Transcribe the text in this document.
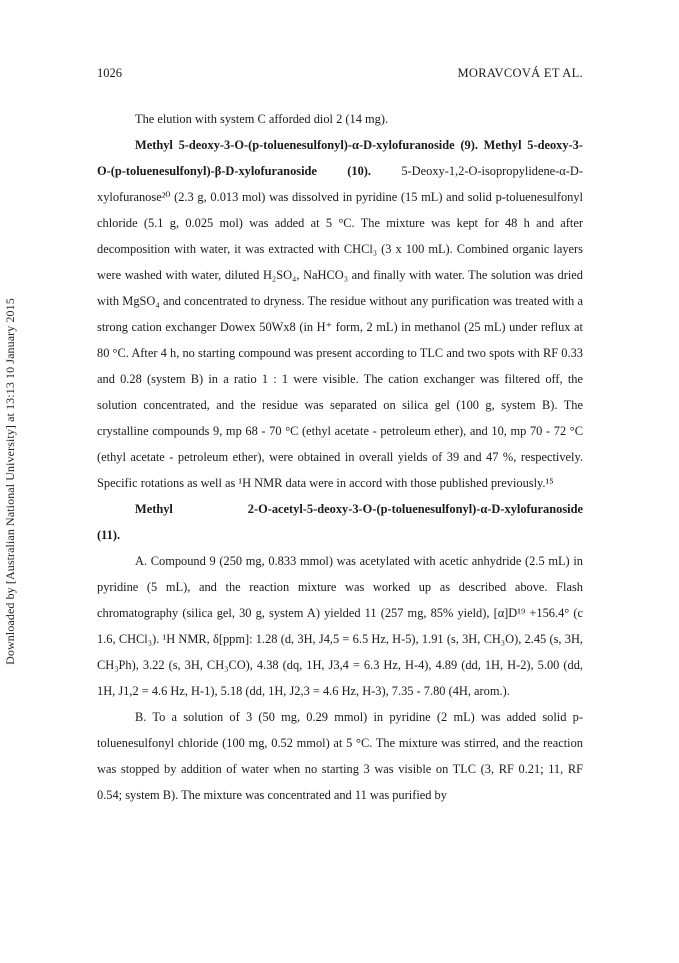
Downloaded by [Australian National University] at 13:13 10 January 2015
1026	MORAVCOVÁ ET AL.

The elution with system C afforded diol 2 (14 mg).

Methyl 5-deoxy-3-O-(p-toluenesulfonyl)-α-D-xylofuranoside (9). Methyl 5-deoxy-3-O-(p-toluenesulfonyl)-β-D-xylofuranoside (10). 5-Deoxy-1,2-O-isopropylidene-α-D-xylofuranose²⁰ (2.3 g, 0.013 mol) was dissolved in pyridine (15 mL) and solid p-toluenesulfonyl chloride (5.1 g, 0.025 mol) was added at 5 °C. The mixture was kept for 48 h and after decomposition with water, it was extracted with CHCl₃ (3 x 100 mL). Combined organic layers were washed with water, diluted H₂SO₄, NaHCO₃ and finally with water. The solution was dried with MgSO₄ and concentrated to dryness. The residue without any purification was treated with a strong cation exchanger Dowex 50Wx8 (in H⁺ form, 2 mL) in methanol (25 mL) under reflux at 80 °C. After 4 h, no starting compound was present according to TLC and two spots with RF 0.33 and 0.28 (system B) in a ratio 1 : 1 were visible. The cation exchanger was filtered off, the solution concentrated, and the residue was separated on silica gel (100 g, system B). The crystalline compounds 9, mp 68 - 70 °C (ethyl acetate - petroleum ether), and 10, mp 70 - 72 °C (ethyl acetate - petroleum ether), were obtained in overall yields of 39 and 47 %, respectively. Specific rotations as well as ¹H NMR data were in accord with those published previously.¹⁵

Methyl	2-O-acetyl-5-deoxy-3-O-(p-toluenesulfonyl)-α-D-xylofuranoside

(11).

A. Compound 9 (250 mg, 0.833 mmol) was acetylated with acetic anhydride (2.5 mL) in pyridine (5 mL), and the reaction mixture was worked up as described above. Flash chromatography (silica gel, 30 g, system A) yielded 11 (257 mg, 85% yield), [α]D¹⁹ +156.4° (c 1.6, CHCl₃). ¹H NMR, δ[ppm]: 1.28 (d, 3H, J4,5 = 6.5 Hz, H-5), 1.91 (s, 3H, CH₃O), 2.45 (s, 3H, CH₃Ph), 3.22 (s, 3H, CH₃CO), 4.38 (dq, 1H, J3,4 = 6.3 Hz, H-4), 4.89 (dd, 1H, H-2), 5.00 (dd, 1H, J1,2 = 4.6 Hz, H-1), 5.18 (dd, 1H, J2,3 = 4.6 Hz, H-3), 7.35 - 7.80 (4H, arom.).

B. To a solution of 3 (50 mg, 0.29 mmol) in pyridine (2 mL) was added solid p-toluenesulfonyl chloride (100 mg, 0.52 mmol) at 5 °C. The mixture was stirred, and the reaction was stopped by addition of water when no starting 3 was visible on TLC (3, RF 0.21; 11, RF 0.54; system B). The mixture was concentrated and 11 was purified by
